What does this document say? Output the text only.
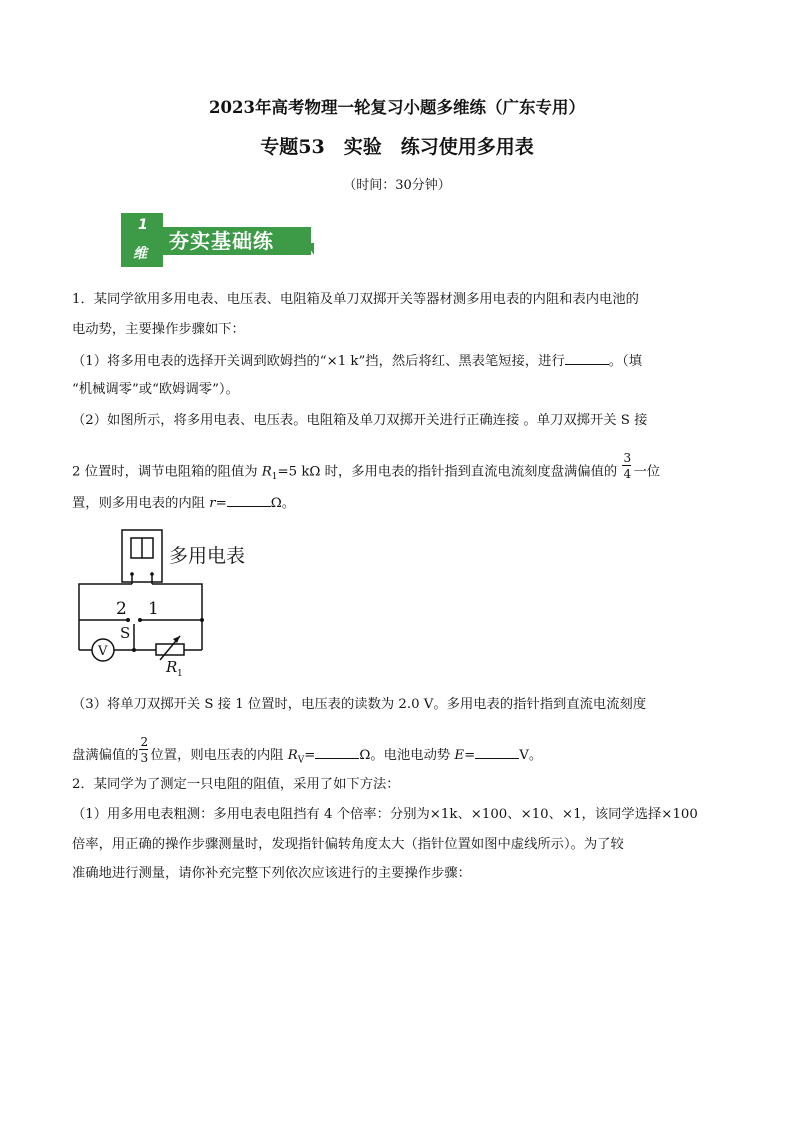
2023年高考物理一轮复习小题多维练（广东专用）
专题53　实验　练习使用多用表
（时间：30分钟）
1
维
夯实基础练
1．某同学欲用多用电表、电压表、电阻箱及单刀双掷开关等器材测多用电表的内阻和表内电池的
电动势，主要操作步骤如下：
（1）将多用电表的选择开关调到欧姆挡的“×1 k”挡，然后将红、黑表笔短接，进行	。（填
“机械调零”或“欧姆调零”）。
（2）如图所示，将多用电表、电压表。电阻箱及单刀双掷开关进行正确连接 。单刀双掷开关 S 接
2 位置时，调节电阻箱的阻值为 $R_1=5$ kΩ 时，多用电表的指针指到直流电流刻度盘满偏值的 $\frac{3}{4}$ 一位
置，则多用电表的内阻 r=	Ω。
多用电表
2 1
S
V
R 1
（3）将单刀双掷开关 S 接 1 位置时，电压表的读数为 2.0 V。多用电表的指针指到直流电流刻度
盘满偏值的 $\frac{2}{3}$ 位置，则电压表的内阻 $R_V=$	Ω。电池电动势 E=	V。
2．某同学为了测定一只电阻的阻值，采用了如下方法：
（1）用多用电表粗测：多用电表电阻挡有 4 个倍率：分别为×1k、×100、×10、×1，该同学选择×100
倍率，用正确的操作步骤测量时，发现指针偏转角度太大（指针位置如图中虚线所示）。为了较
准确地进行测量，请你补充完整下列依次应该进行的主要操作步骤：
